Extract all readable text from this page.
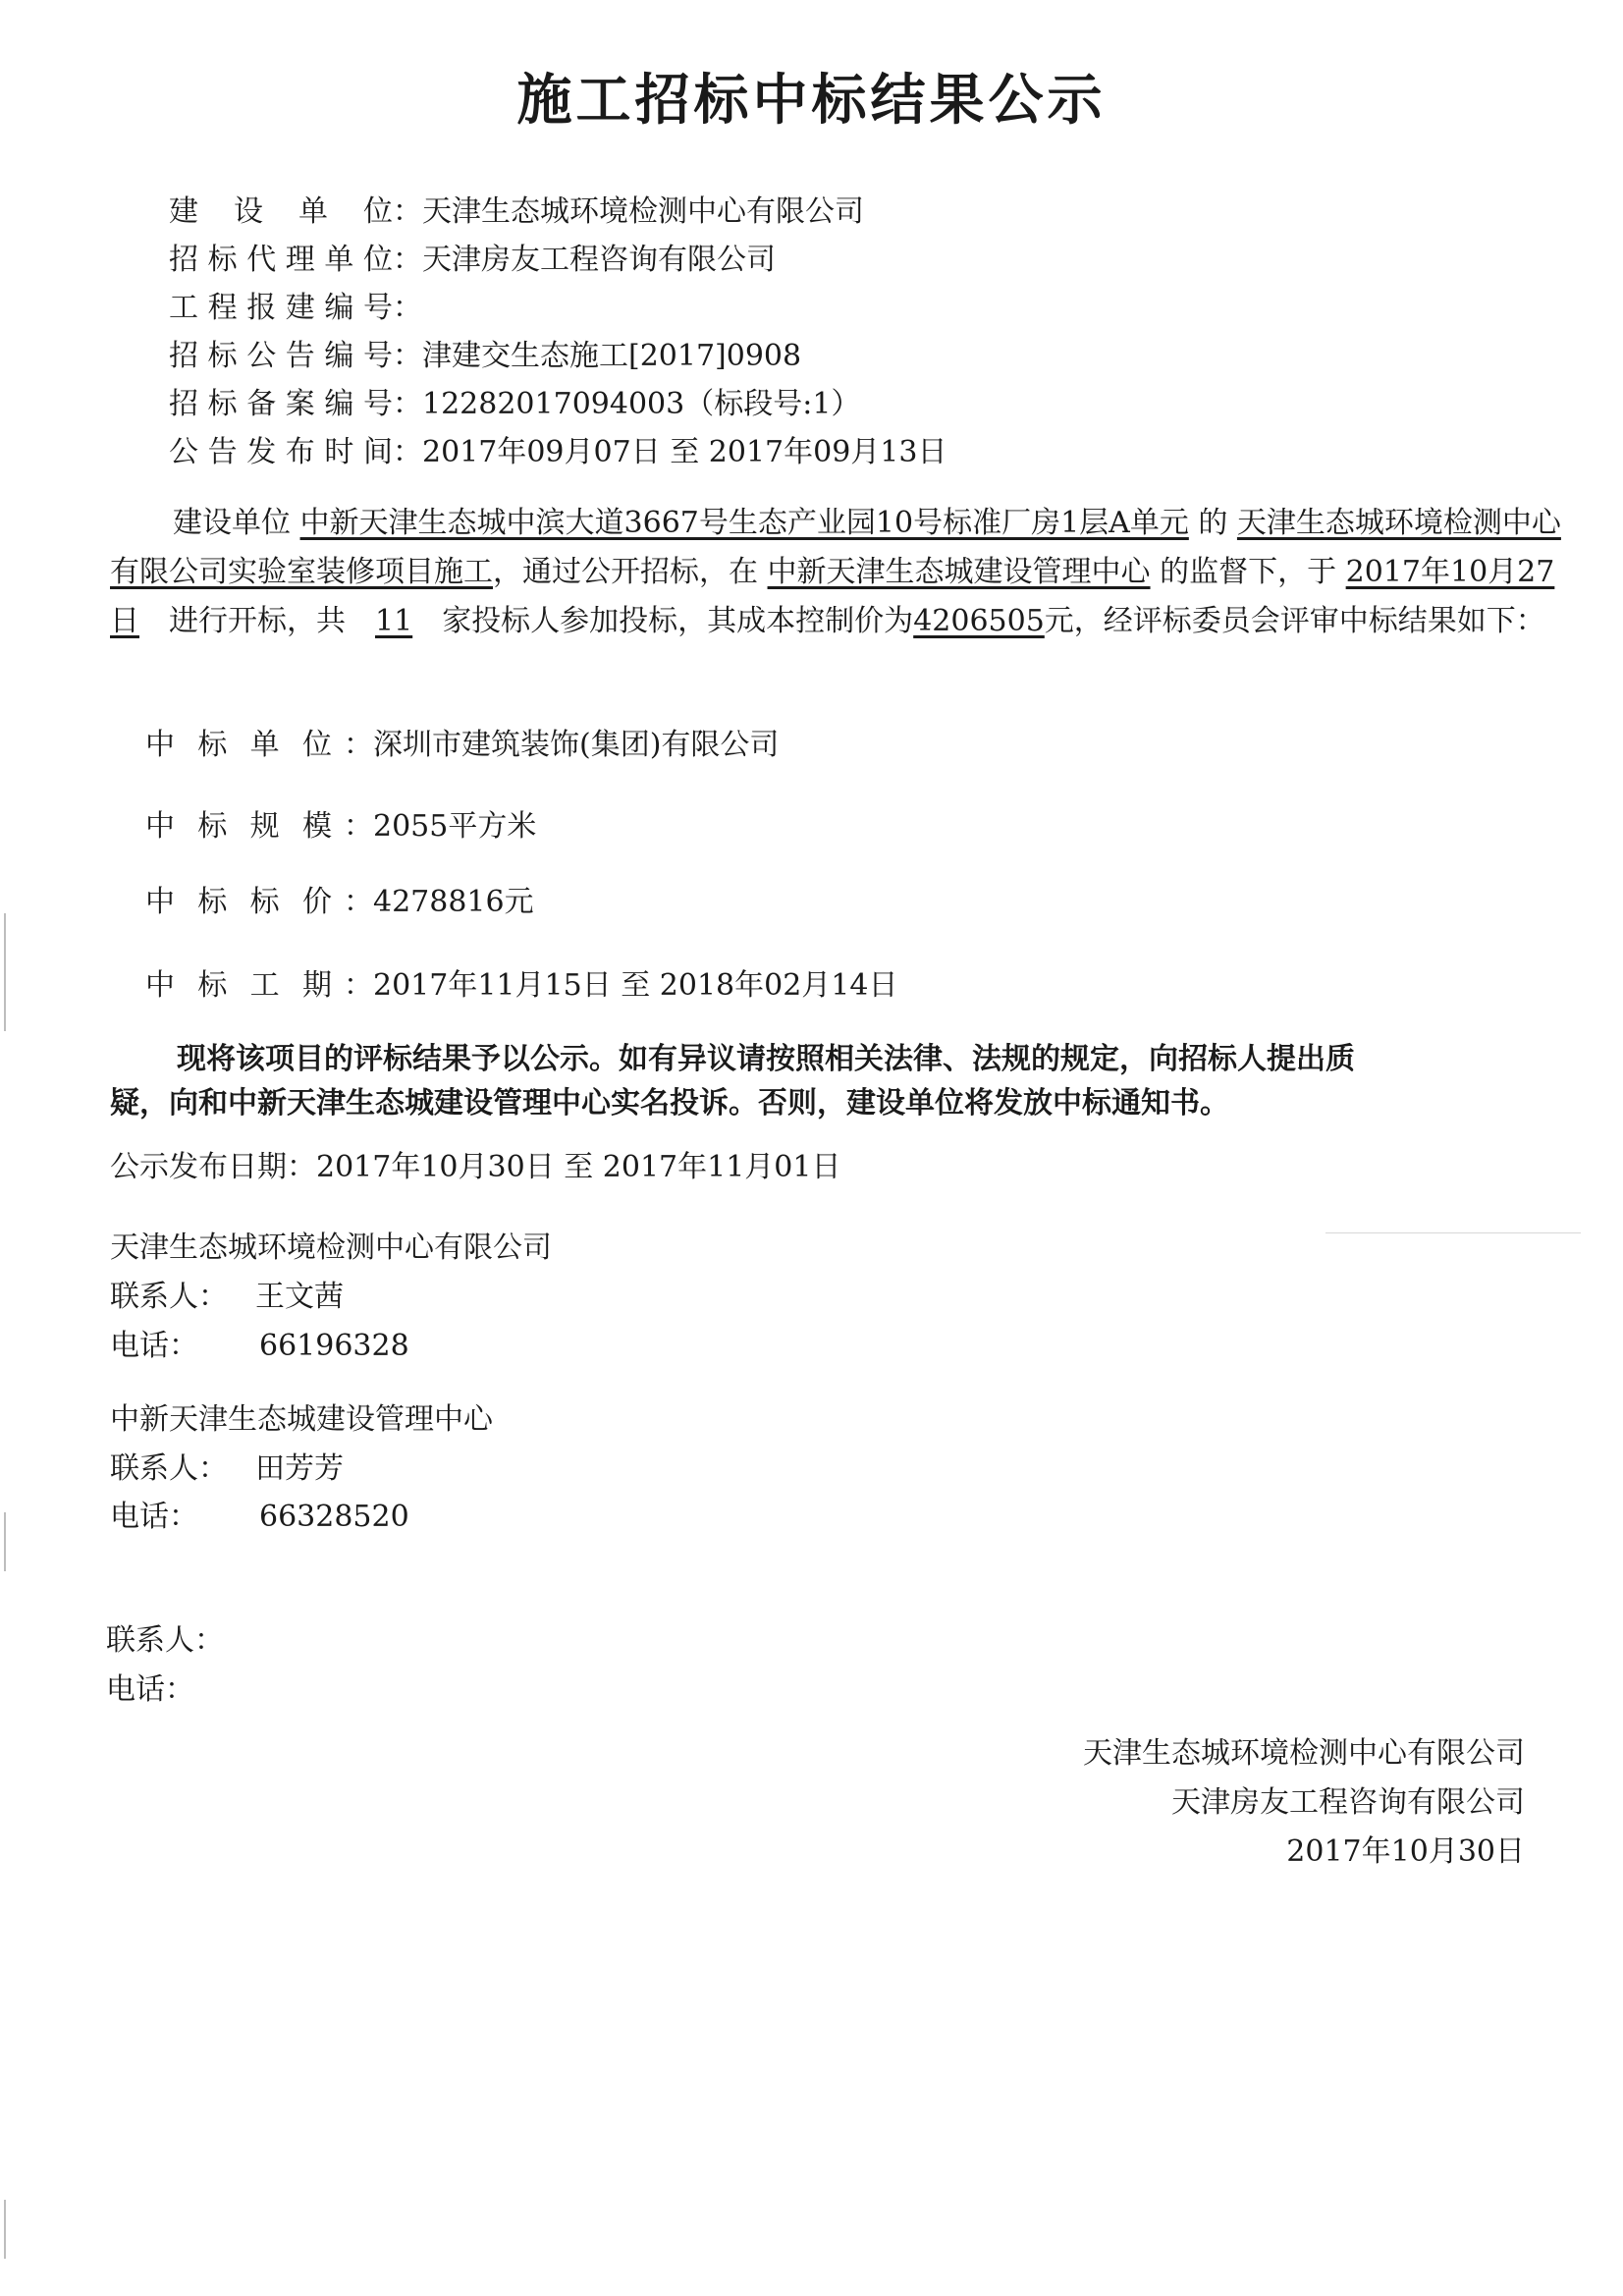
施工招标中标结果公示
建设单位：天津生态城环境检测中心有限公司
招标代理单位：天津房友工程咨询有限公司
工程报建编号：
招标公告编号：津建交生态施工[2017]0908
招标备案编号：12282017094003（标段号:1）
公告发布时间：2017年09月07日 至 2017年09月13日
建设单位 中新天津生态城中滨大道3667号生态产业园10号标准厂房1层A单元 的 天津生态城环境检测中心有限公司实验室装修项目施工，通过公开招标，在 中新天津生态城建设管理中心 的监督下，于 2017年10月27日　 进行开标，共　 11　 家投标人参加投标，其成本控制价为4206505元，经评标委员会评审中标结果如下：
中标单位 ：深圳市建筑装饰(集团)有限公司
中标规模 ：2055平方米
中标标价 ：4278816元
中标工期 ：2017年11月15日 至 2018年02月14日
现将该项目的评标结果予以公示。如有异议请按照相关法律、法规的规定，向招标人提出质
疑，向和中新天津生态城建设管理中心实名投诉。否则，建设单位将发放中标通知书。
公示发布日期：2017年10月30日 至 2017年11月01日
天津生态城环境检测中心有限公司
联系人： 王文茜
电话： 66196328
中新天津生态城建设管理中心
联系人： 田芳芳
电话： 66328520
联系人：
电话：
天津生态城环境检测中心有限公司
天津房友工程咨询有限公司
2017年10月30日
